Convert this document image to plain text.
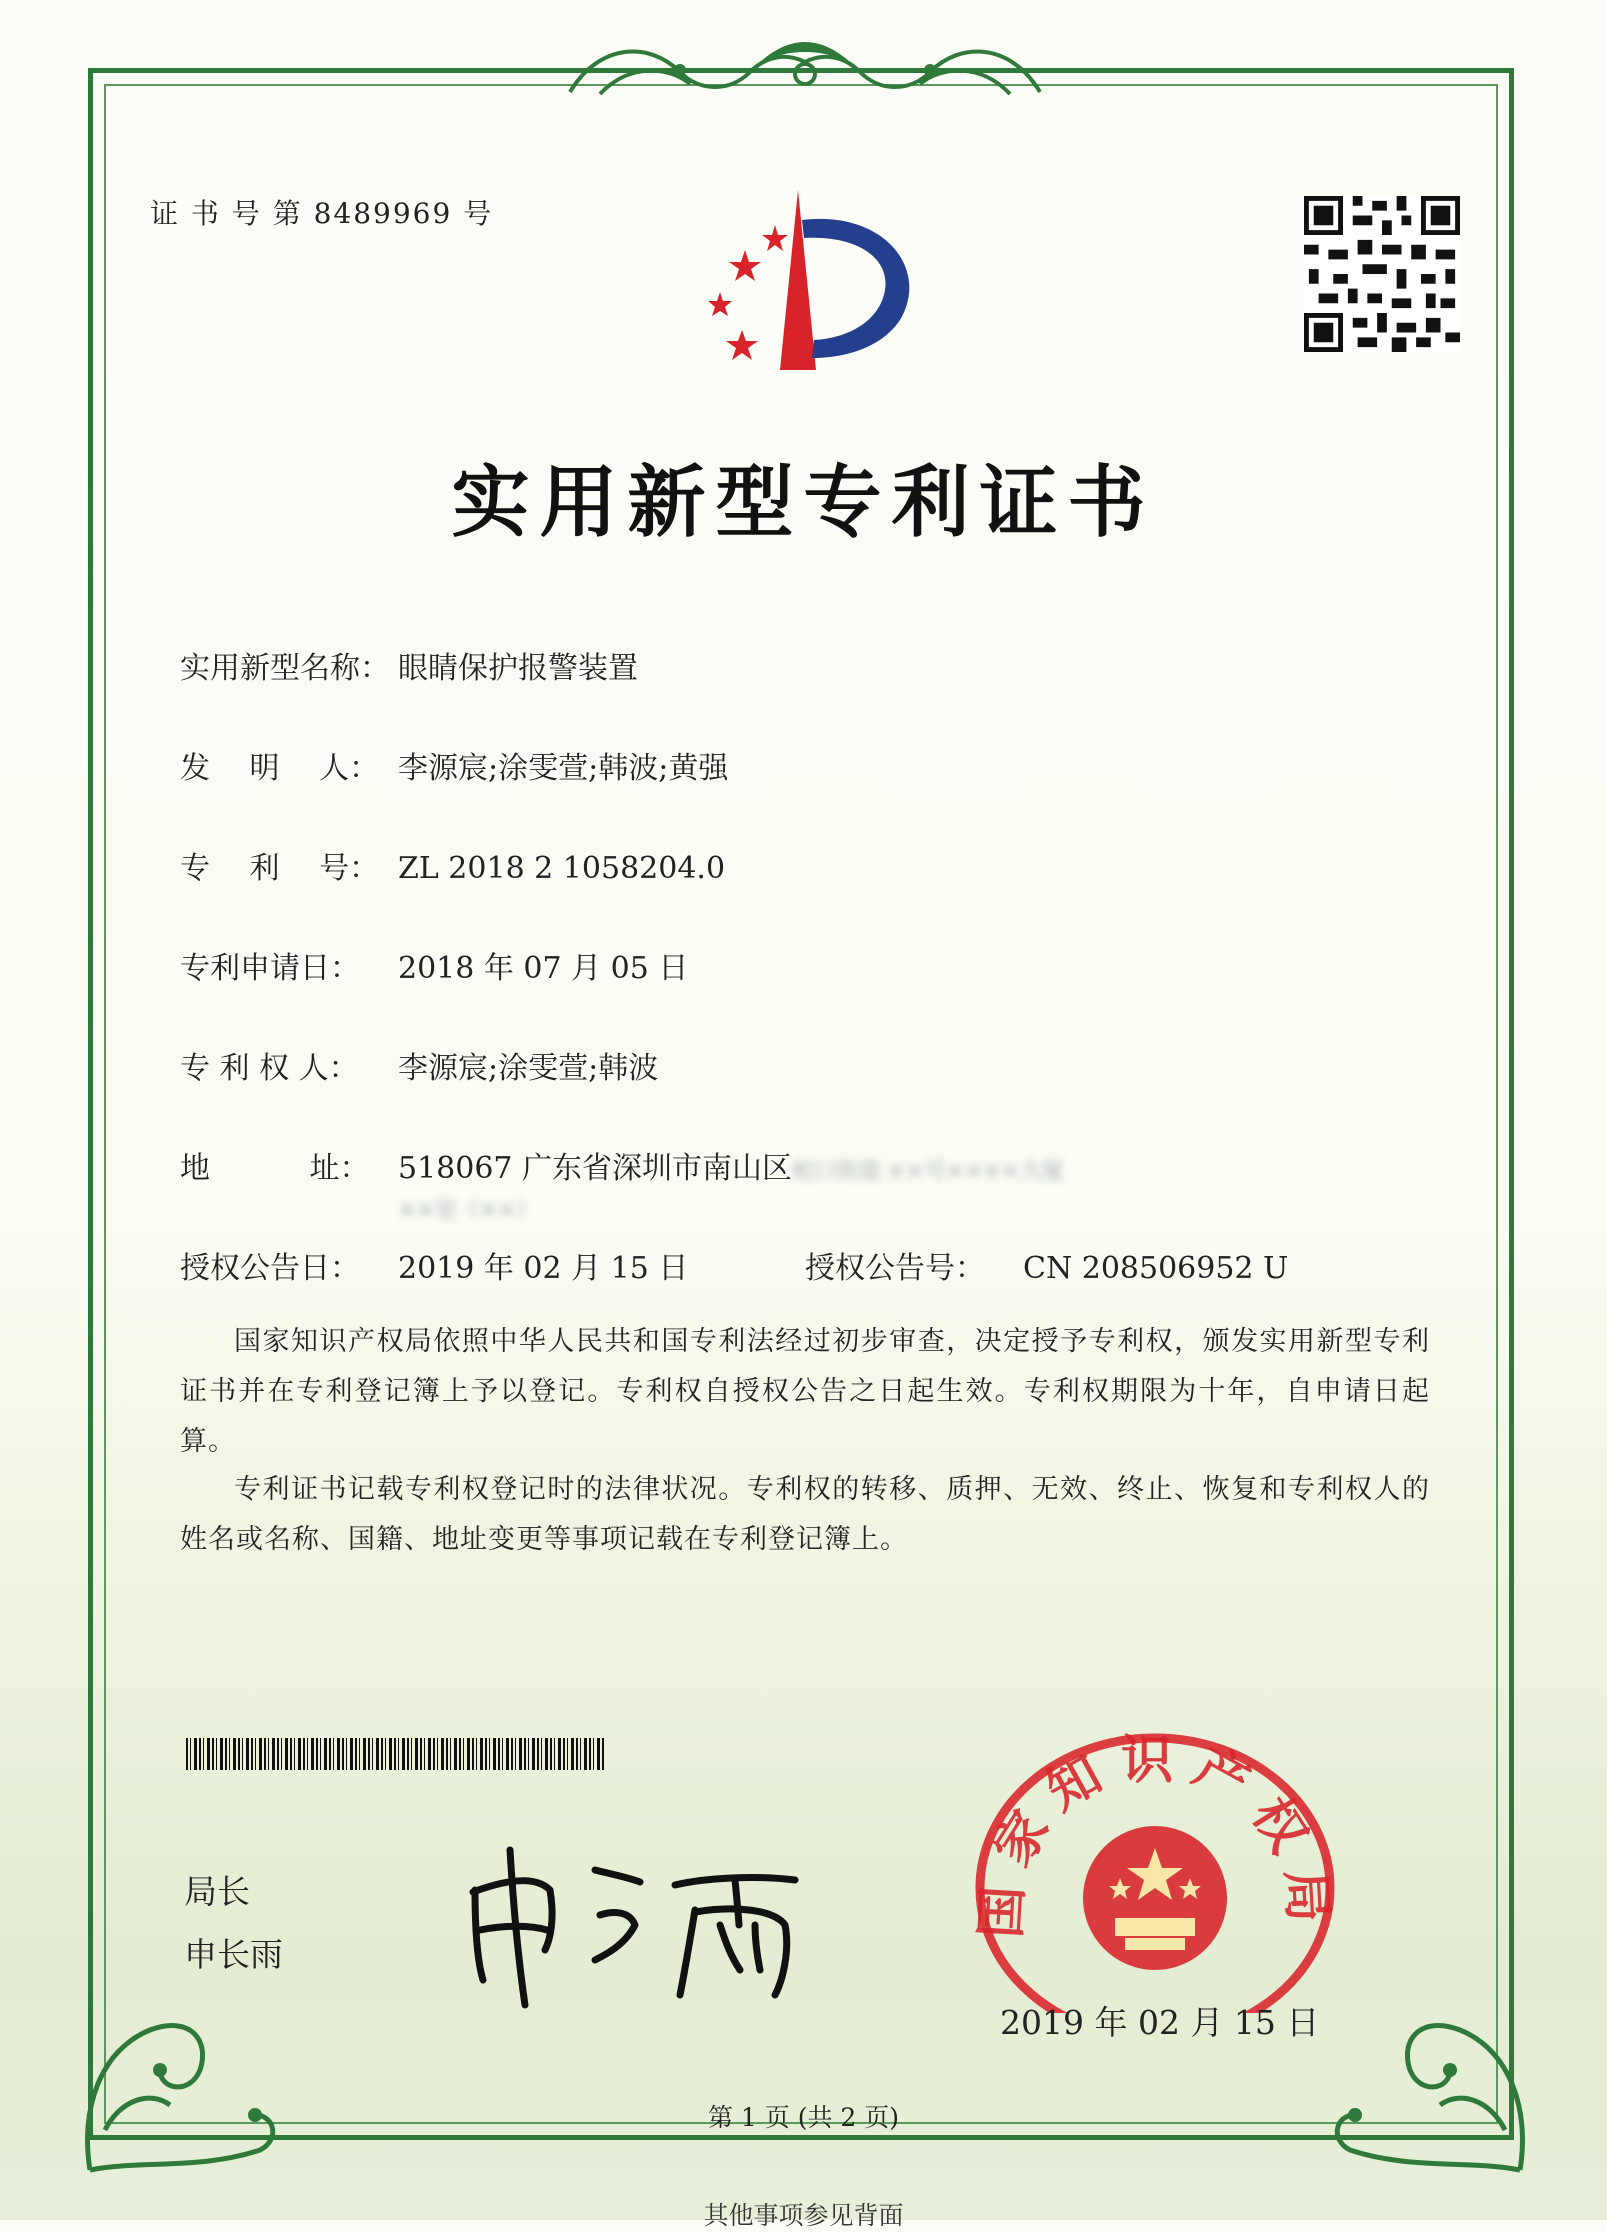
证 书 号 第 8489969 号
实用新型专利证书
实用新型名称： 眼睛保护报警装置
发　 明　 人： 李源宸;涂雯萱;韩波;黄强
专　 利　 号： ZL 2018 2 1058204.0
专利申请日： 2018 年 07 月 05 日
专 利 权 人： 李源宸;涂雯萱;韩波
地　　　 址： 518067 广东省深圳市南山区蛇口街道 ××号××××大厦
××室（××）
授权公告日： 2019 年 02 月 15 日	授权公告号： CN 208506952 U
国家知识产权局依照中华人民共和国专利法经过初步审查，决定授予专利权，颁发实用新型专利证书并在专利登记簿上予以登记。专利权自授权公告之日起生效。专利权期限为十年，自申请日起算。
专利证书记载专利权登记时的法律状况。专利权的转移、质押、无效、终止、恢复和专利权人的姓名或名称、国籍、地址变更等事项记载在专利登记簿上。
局长
申长雨
国家知识产权局
2019 年 02 月 15 日
第 1 页 (共 2 页)
其他事项参见背面
